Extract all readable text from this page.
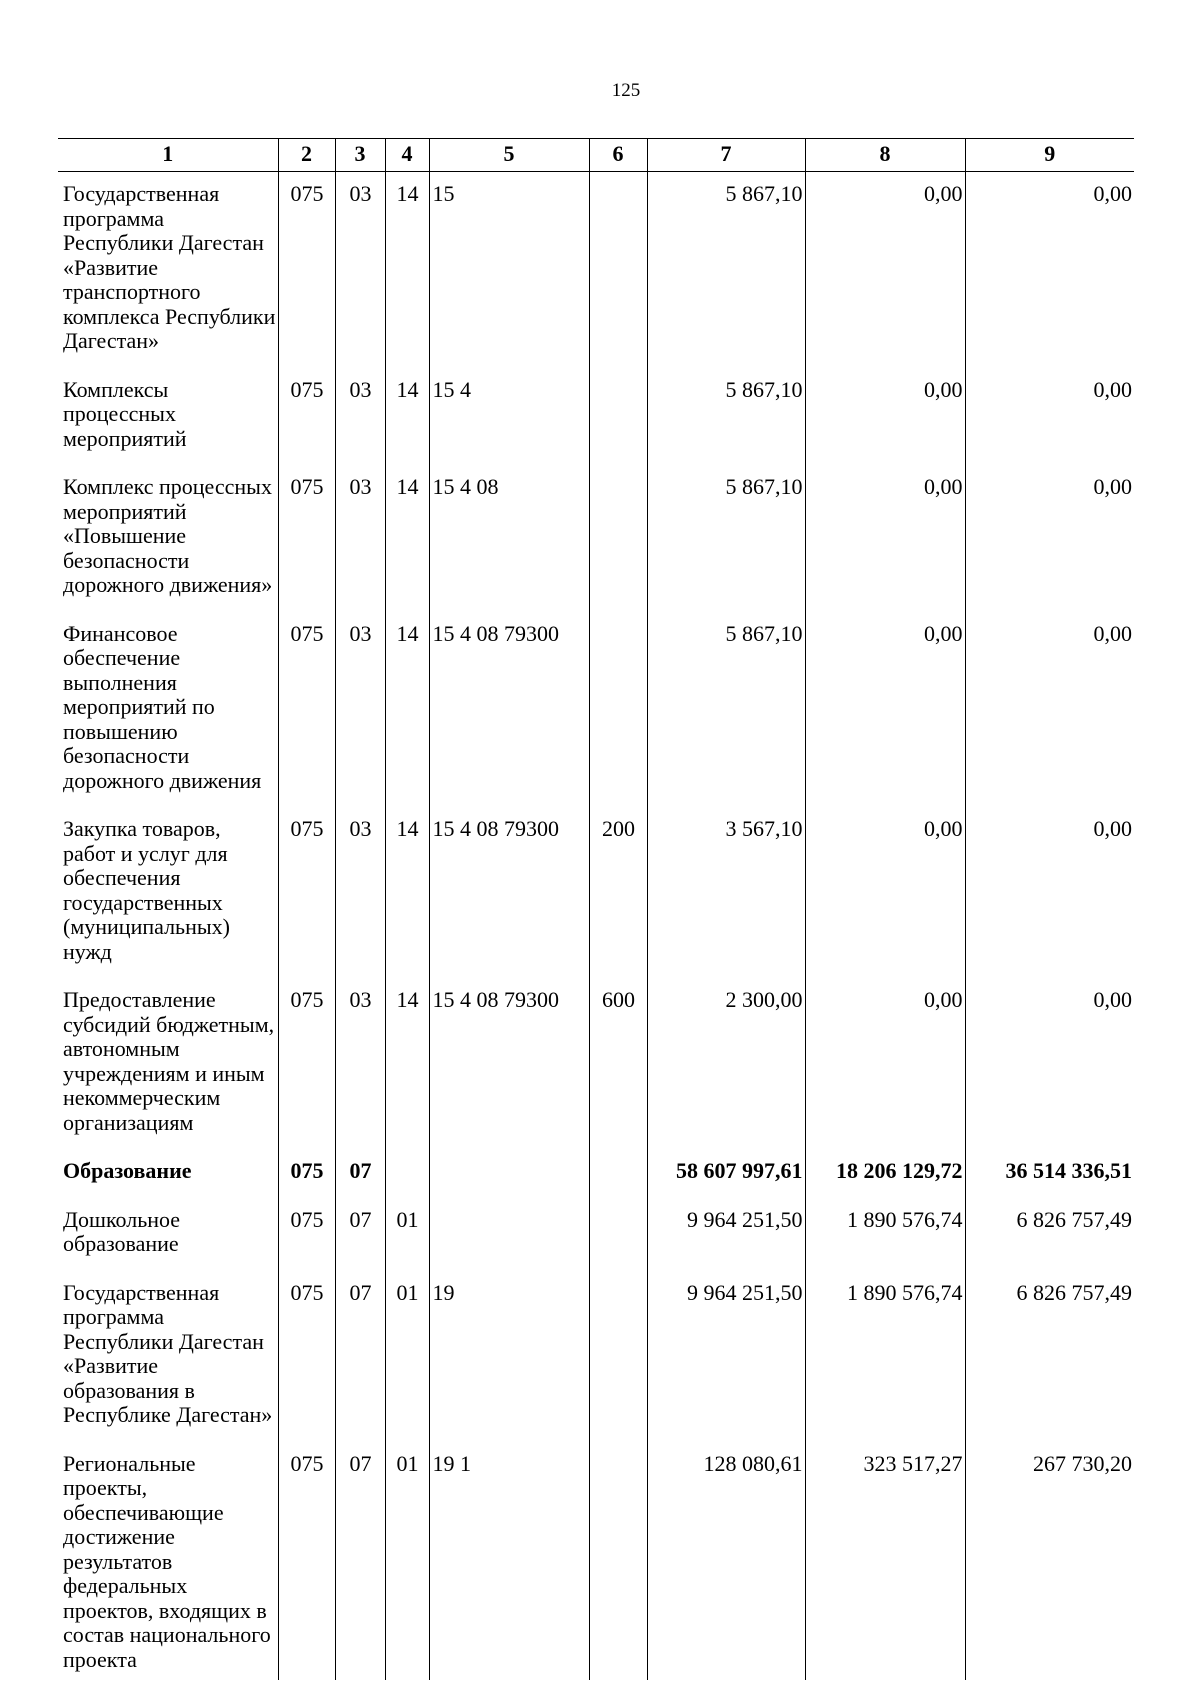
125
1	2	3	4	5	6	7	8	9
Государственная программа Республики Дагестан «Развитие транспортного комплекса Республики Дагестан»	075	03	14	15		5 867,10	0,00	0,00
Комплексы процессных мероприятий	075	03	14	15 4		5 867,10	0,00	0,00
Комплекс процессных мероприятий «Повышение безопасности дорожного движения»	075	03	14	15 4 08		5 867,10	0,00	0,00
Финансовое обеспечение выполнения мероприятий по повышению безопасности дорожного движения	075	03	14	15 4 08 79300		5 867,10	0,00	0,00
Закупка товаров, работ и услуг для обеспечения государственных (муниципальных) нужд	075	03	14	15 4 08 79300	200	3 567,10	0,00	0,00
Предоставление субсидий бюджетным, автономным учреждениям и иным некоммерческим организациям	075	03	14	15 4 08 79300	600	2 300,00	0,00	0,00
Образование	075	07				58 607 997,61	18 206 129,72	36 514 336,51
Дошкольное образование	075	07	01			9 964 251,50	1 890 576,74	6 826 757,49
Государственная программа Республики Дагестан «Развитие образования в Республике Дагестан»	075	07	01	19		9 964 251,50	1 890 576,74	6 826 757,49
Региональные проекты, обеспечивающие достижение результатов федеральных проектов, входящих в состав национального проекта	075	07	01	19 1		128 080,61	323 517,27	267 730,20
